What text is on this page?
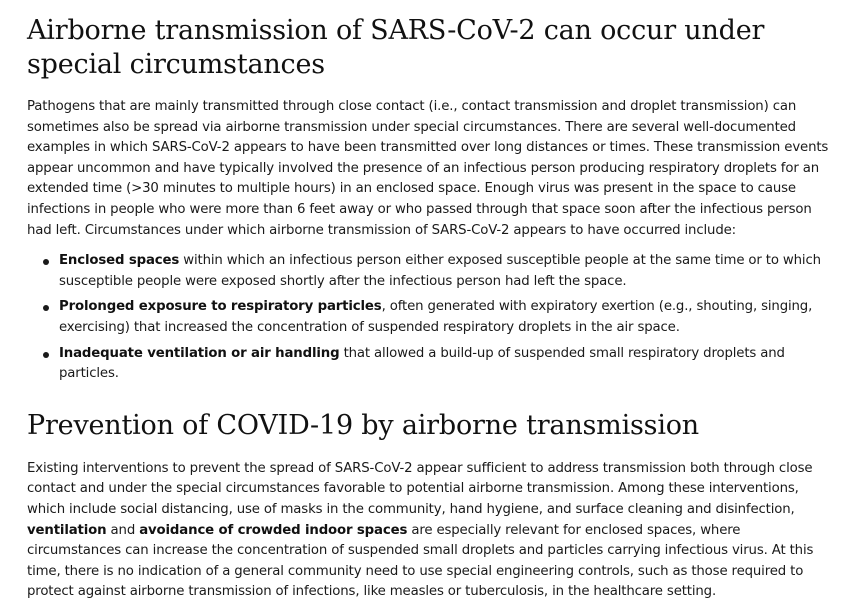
Airborne transmission of SARS-CoV-2 can occur under special circumstances

Pathogens that are mainly transmitted through close contact (i.e., contact transmission and droplet transmission) can sometimes also be spread via airborne transmission under special circumstances. There are several well-documented examples in which SARS-CoV-2 appears to have been transmitted over long distances or times. These transmission events appear uncommon and have typically involved the presence of an infectious person producing respiratory droplets for an extended time (>30 minutes to multiple hours) in an enclosed space. Enough virus was present in the space to cause infections in people who were more than 6 feet away or who passed through that space soon after the infectious person had left. Circumstances under which airborne transmission of SARS-CoV-2 appears to have occurred include:

Enclosed spaces within which an infectious person either exposed susceptible people at the same time or to which susceptible people were exposed shortly after the infectious person had left the space.
Prolonged exposure to respiratory particles, often generated with expiratory exertion (e.g., shouting, singing, exercising) that increased the concentration of suspended respiratory droplets in the air space.
Inadequate ventilation or air handling that allowed a build-up of suspended small respiratory droplets and particles.
Prevention of COVID-19 by airborne transmission

Existing interventions to prevent the spread of SARS-CoV-2 appear sufficient to address transmission both through close contact and under the special circumstances favorable to potential airborne transmission. Among these interventions, which include social distancing, use of masks in the community, hand hygiene, and surface cleaning and disinfection, ventilation and avoidance of crowded indoor spaces are especially relevant for enclosed spaces, where circumstances can increase the concentration of suspended small droplets and particles carrying infectious virus. At this time, there is no indication of a general community need to use special engineering controls, such as those required to protect against airborne transmission of infections, like measles or tuberculosis, in the healthcare setting.
